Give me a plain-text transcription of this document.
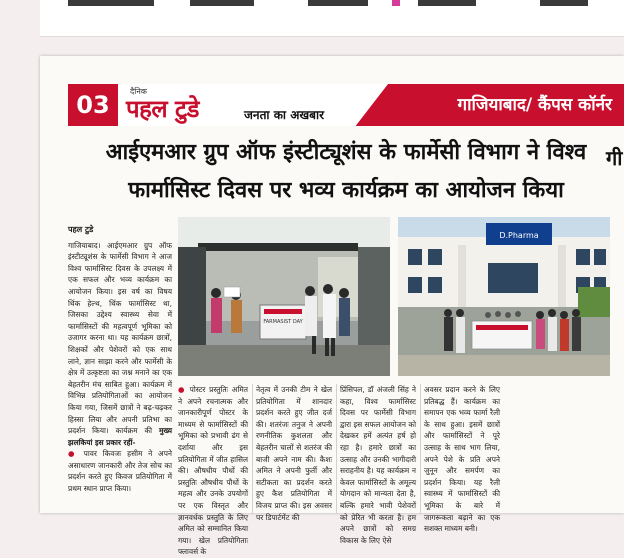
03	दैनिक
पहल टुडे	जनता का अखबार	गाजियाबाद/ कैंपस कॉर्नर
आईएमआर ग्रुप ऑफ इंस्टीट्यूशंस के फार्मेसी विभाग ने विश्व
फार्मासिस्ट दिवस पर भव्य कार्यक्रम का आयोजन किया
गी
पहल टुडे
गाजियाबाद। आईएमआर ग्रुप ऑफ इंस्टीट्यूशंस के फार्मेसी विभाग ने आज विश्व फार्मासिस्ट दिवस के उपलक्ष्य में एक सफल और भव्य कार्यक्रम का आयोजन किया। इस वर्ष का विषय थिंक हेल्थ, थिंक फार्मासिस्ट था, जिसका उद्देश्य स्वास्थ्य सेवा में फार्मासिस्टों की महत्वपूर्ण भूमिका को उजागर करना था। यह कार्यक्रम छात्रों, शिक्षकों और पेशेवरों को एक साथ लाने, ज्ञान साझा करने और फार्मेसी के क्षेत्र में उत्कृष्टता का जश्न मनाने का एक बेहतरीन मंच साबित हुआ। कार्यक्रम में विभिन्न प्रतियोगिताओं का आयोजन किया गया, जिसमें छात्रों ने बढ़-चढ़कर हिस्सा लिया और अपनी प्रतिभा का प्रदर्शन किया। कार्यक्रम की मुख्य झलकियां इस प्रकार रहीं-
● पावर किवजः हसीम ने अपने असाधारण जानकारी और तेज सोच का प्रदर्शन करते हुए किवज प्रतियोगिता में प्रथम स्थान प्राप्त किया।
FARMASIST DAY
D.Pharma
● पोस्टर प्रस्तुतिः अमित ने अपने रचनात्मक और जानकारीपूर्ण पोस्टर के माध्यम से फार्मासिस्टों की भूमिका को प्रभावी ढंग से दर्शाया और इस प्रतियोगिता में जीत हासिल की। औषधीय पौधों की प्रस्तुतिः औषधीय पौधों के महत्व और उनके उपयोगों पर एक विस्तृत और ज्ञानवर्धक प्रस्तुति के लिए अमित को सम्मानित किया गया। खेल प्रतियोगिताः फ्लावर्स के
नेतृत्व में उनकी टीम ने खेल प्रतियोगिता में शानदार प्रदर्शन करते हुए जीत दर्ज की। शतरंजः तनुज ने अपनी रणनीतिक कुशलता और बेहतरीन चालों से शतरंज की बाजी अपने नाम की। कैशः अमित ने अपनी फुर्ती और सटीकता का प्रदर्शन करते हुए कैश प्रतियोगिता में विजय प्राप्त की। इस अवसर पर डिपार्टमेंट की
प्रिंसिपल, डॉ अंजली सिंह ने कहा, विश्व फार्मासिस्ट दिवस पर फार्मेसी विभाग द्वारा इस सफल आयोजन को देखकर हमें अत्यंत हर्ष हो रहा है। हमारे छात्रों का उत्साह और उनकी भागीदारी सराहनीय है। यह कार्यक्रम न केवल फार्मासिस्टों के अमूल्य योगदान को मान्यता देता है, बल्कि हमारे भावी पेशेवरों को प्रेरित भी करता है। हम अपने छात्रों को समग्र विकास के लिए ऐसे
अवसर प्रदान करने के लिए प्रतिबद्ध हैं। कार्यक्रम का समापन एक भव्य फार्मा रैली के साथ हुआ। इसमें छात्रों और फार्मासिस्टों ने पूरे उत्साह के साथ भाग लिया, अपने पेशे के प्रति अपने जुनून और समर्पण का प्रदर्शन किया। यह रैली स्वास्थ्य में फार्मासिस्टों की भूमिका के बारे में जागरूकता बढ़ाने का एक सशक्त माध्यम बनी।
